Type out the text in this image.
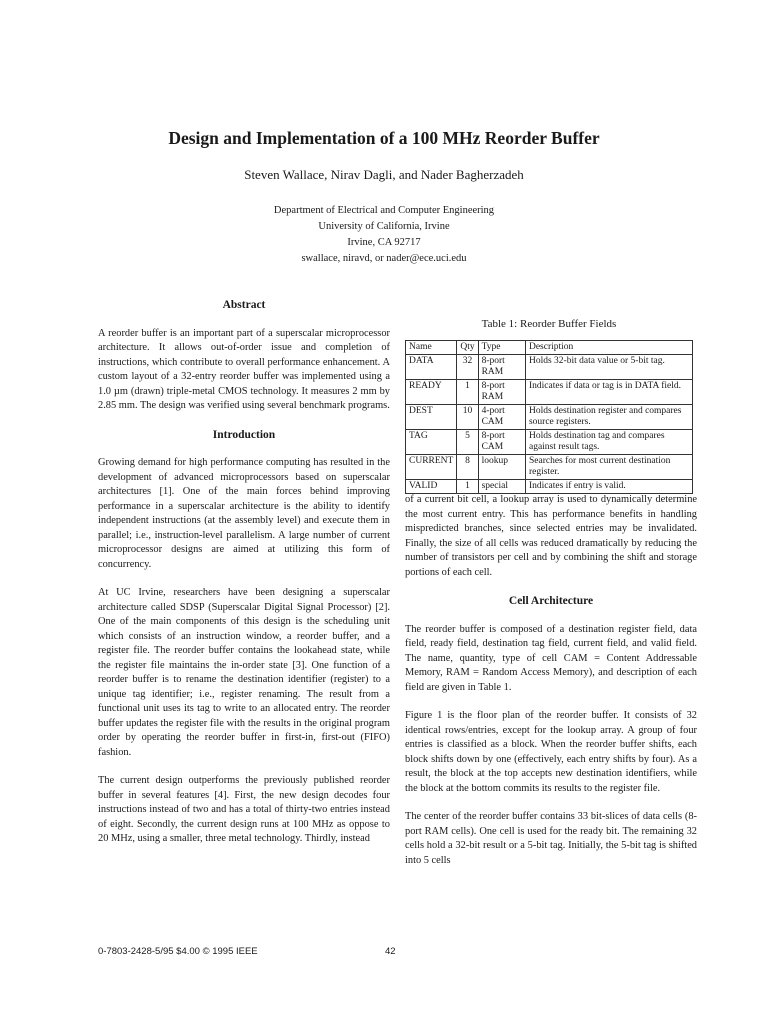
Design and Implementation of a 100 MHz Reorder Buffer
Steven Wallace, Nirav Dagli, and Nader Bagherzadeh
Department of Electrical and Computer Engineering
University of California, Irvine
Irvine, CA 92717
swallace, niravd, or nader@ece.uci.edu
Abstract

A reorder buffer is an important part of a superscalar microprocessor architecture. It allows out-of-order issue and completion of instructions, which contribute to overall performance enhancement. A custom layout of a 32-entry reorder buffer was implemented using a 1.0 µm (drawn) triple-metal CMOS technology. It measures 2 mm by 2.85 mm. The design was verified using several benchmark programs.

Introduction

Growing demand for high performance computing has resulted in the development of advanced microprocessors based on superscalar architectures [1]. One of the main forces behind improving performance in a superscalar architecture is the ability to identify independent instructions (at the assembly level) and execute them in parallel; i.e., instruction-level parallelism. A large number of current microprocessor designs are aimed at utilizing this form of concurrency.

At UC Irvine, researchers have been designing a superscalar architecture called SDSP (Superscalar Digital Signal Processor) [2]. One of the main components of this design is the scheduling unit which consists of an instruction window, a reorder buffer, and a register file. The reorder buffer contains the lookahead state, while the register file maintains the in-order state [3]. One function of a reorder buffer is to rename the destination identifier (register) to a unique tag identifier; i.e., register renaming. The result from a functional unit uses its tag to write to an allocated entry. The reorder buffer updates the register file with the results in the original program order by operating the reorder buffer in first-in, first-out (FIFO) fashion.

The current design outperforms the previously published reorder buffer in several features [4]. First, the new design decodes four instructions instead of two and has a total of thirty-two entries instead of eight. Secondly, the current design runs at 100 MHz as oppose to 20 MHz, using a smaller, three metal technology. Thirdly, instead

Table 1: Reorder Buffer Fields
Name	Qty	Type	Description
DATA	32	8-port RAM	Holds 32-bit data value or 5-bit tag.
READY	1	8-port RAM	Indicates if data or tag is in DATA field.
DEST	10	4-port CAM	Holds destination register and compares source registers.
TAG	5	8-port CAM	Holds destination tag and compares against result tags.
CURRENT	8	lookup	Searches for most current destination register.
VALID	1	special	Indicates if entry is valid.

of a current bit cell, a lookup array is used to dynamically determine the most current entry. This has performance benefits in handling mispredicted branches, since selected entries may be invalidated. Finally, the size of all cells was reduced dramatically by reducing the number of transistors per cell and by combining the shift and storage portions of each cell.

Cell Architecture

The reorder buffer is composed of a destination register field, data field, ready field, destination tag field, current field, and valid field. The name, quantity, type of cell CAM = Content Addressable Memory, RAM = Random Access Memory), and description of each field are given in Table 1.

Figure 1 is the floor plan of the reorder buffer. It consists of 32 identical rows/entries, except for the lookup array. A group of four entries is classified as a block. When the reorder buffer shifts, each block shifts down by one (effectively, each entry shifts by four). As a result, the block at the top accepts new destination identifiers, while the block at the bottom commits its results to the register file.

The center of the reorder buffer contains 33 bit-slices of data cells (8-port RAM cells). One cell is used for the ready bit. The remaining 32 cells hold a 32-bit result or a 5-bit tag. Initially, the 5-bit tag is shifted into 5 cells

0-7803-2428-5/95 $4.00 © 1995 IEEE	42
